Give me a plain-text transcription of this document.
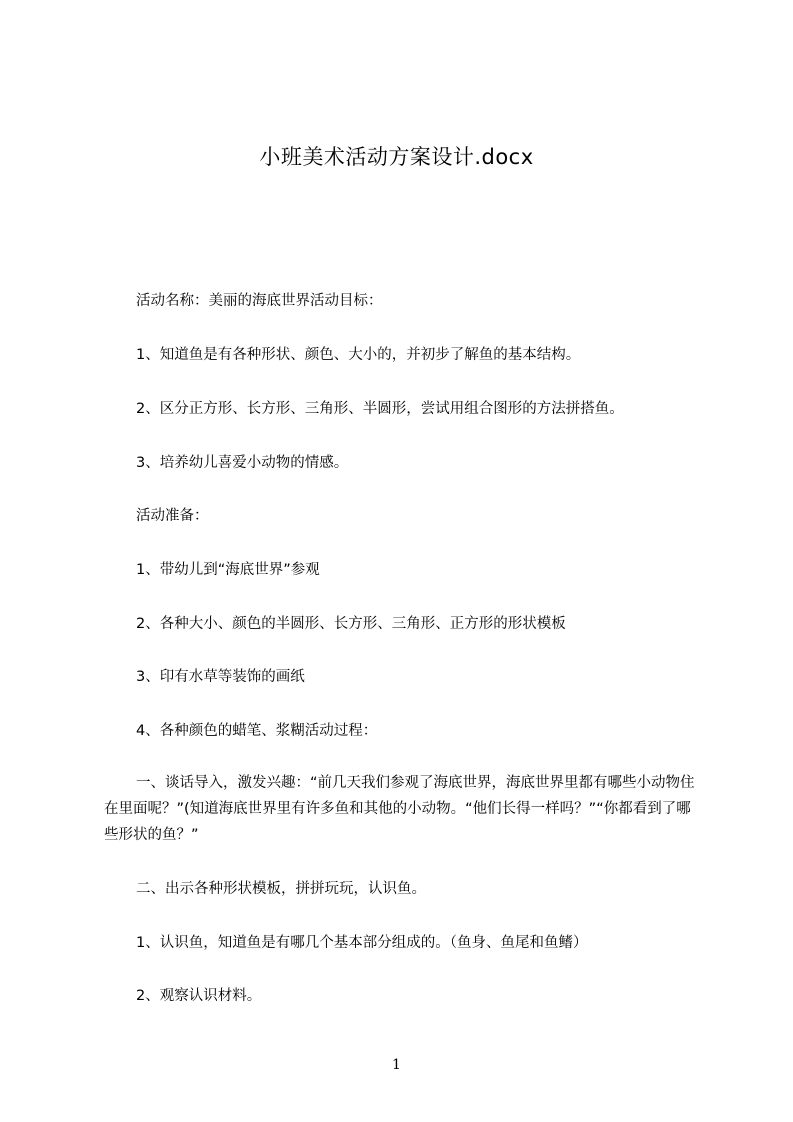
小班美术活动方案设计.docx
活动名称：美丽的海底世界活动目标：
1、知道鱼是有各种形状、颜色、大小的，并初步了解鱼的基本结构。
2、区分正方形、长方形、三角形、半圆形，尝试用组合图形的方法拼搭鱼。
3、培养幼儿喜爱小动物的情感。
活动准备：
1、带幼儿到“海底世界”参观
2、各种大小、颜色的半圆形、长方形、三角形、正方形的形状模板
3、印有水草等装饰的画纸
4、各种颜色的蜡笔、浆糊活动过程：
一、谈话导入，激发兴趣：“前几天我们参观了海底世界，海底世界里都有哪些小动物住在里面呢？”(知道海底世界里有许多鱼和其他的小动物。“他们长得一样吗？”“你都看到了哪些形状的鱼？”
二、出示各种形状模板，拼拼玩玩，认识鱼。
1、认识鱼，知道鱼是有哪几个基本部分组成的。（鱼身、鱼尾和鱼鳍）
2、观察认识材料。
1
